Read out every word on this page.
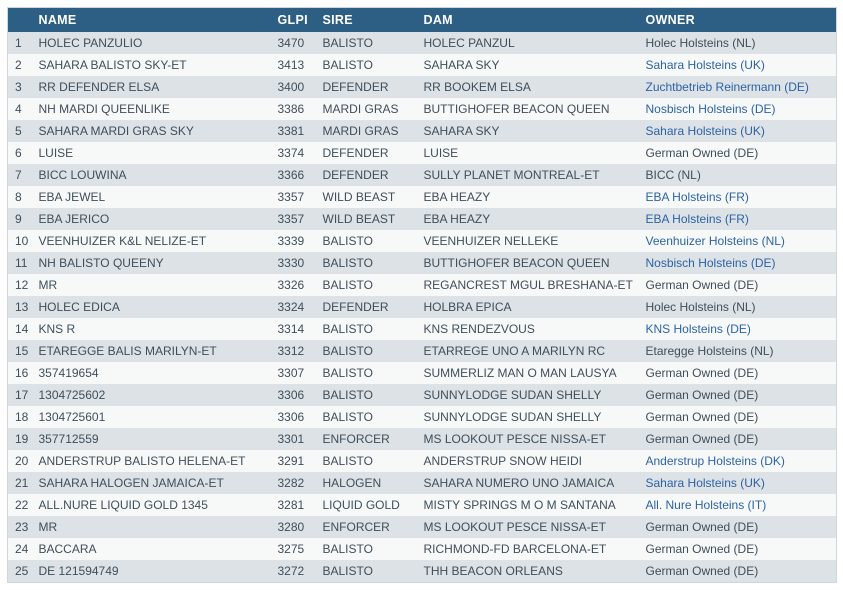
	NAME	GLPI	SIRE	DAM	OWNER
1	HOLEC PANZULIO	3470	BALISTO	HOLEC PANZUL	Holec Holsteins (NL)
2	SAHARA BALISTO SKY-ET	3413	BALISTO	SAHARA SKY	Sahara Holsteins (UK)
3	RR DEFENDER ELSA	3400	DEFENDER	RR BOOKEM ELSA	Zuchtbetrieb Reinermann (DE)
4	NH MARDI QUEENLIKE	3386	MARDI GRAS	BUTTIGHOFER BEACON QUEEN	Nosbisch Holsteins (DE)
5	SAHARA MARDI GRAS SKY	3381	MARDI GRAS	SAHARA SKY	Sahara Holsteins (UK)
6	LUISE	3374	DEFENDER	LUISE	German Owned (DE)
7	BICC LOUWINA	3366	DEFENDER	SULLY PLANET MONTREAL-ET	BICC (NL)
8	EBA JEWEL	3357	WILD BEAST	EBA HEAZY	EBA Holsteins (FR)
9	EBA JERICO	3357	WILD BEAST	EBA HEAZY	EBA Holsteins (FR)
10	VEENHUIZER K&L NELIZE-ET	3339	BALISTO	VEENHUIZER NELLEKE	Veenhuizer Holsteins (NL)
11	NH BALISTO QUEENY	3330	BALISTO	BUTTIGHOFER BEACON QUEEN	Nosbisch Holsteins (DE)
12	MR	3326	BALISTO	REGANCREST MGUL BRESHANA-ET	German Owned (DE)
13	HOLEC EDICA	3324	DEFENDER	HOLBRA EPICA	Holec Holsteins (NL)
14	KNS R	3314	BALISTO	KNS RENDEZVOUS	KNS Holsteins (DE)
15	ETAREGGE BALIS MARILYN-ET	3312	BALISTO	ETARREGE UNO A MARILYN RC	Etaregge Holsteins (NL)
16	357419654	3307	BALISTO	SUMMERLIZ MAN O MAN LAUSYA	German Owned (DE)
17	1304725602	3306	BALISTO	SUNNYLODGE SUDAN SHELLY	German Owned (DE)
18	1304725601	3306	BALISTO	SUNNYLODGE SUDAN SHELLY	German Owned (DE)
19	357712559	3301	ENFORCER	MS LOOKOUT PESCE NISSA-ET	German Owned (DE)
20	ANDERSTRUP BALISTO HELENA-ET	3291	BALISTO	ANDERSTRUP SNOW HEIDI	Anderstrup Holsteins (DK)
21	SAHARA HALOGEN JAMAICA-ET	3282	HALOGEN	SAHARA NUMERO UNO JAMAICA	Sahara Holsteins (UK)
22	ALL.NURE LIQUID GOLD 1345	3281	LIQUID GOLD	MISTY SPRINGS M O M SANTANA	All. Nure Holsteins (IT)
23	MR	3280	ENFORCER	MS LOOKOUT PESCE NISSA-ET	German Owned (DE)
24	BACCARA	3275	BALISTO	RICHMOND-FD BARCELONA-ET	German Owned (DE)
25	DE 121594749	3272	BALISTO	THH BEACON ORLEANS	German Owned (DE)
